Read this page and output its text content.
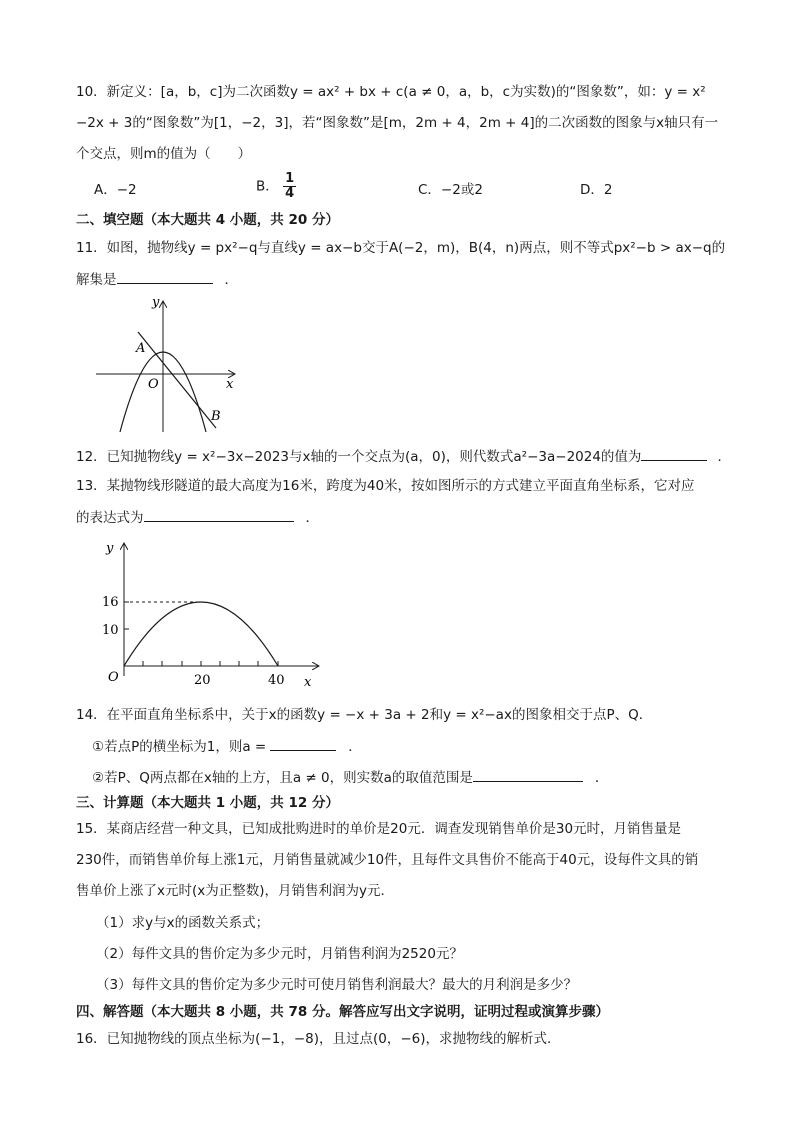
10．新定义：[a，b，c]为二次函数y = ax² + bx + c(a ≠ 0，a，b，c为实数)的“图象数”，如：y = x²
−2x + 3的“图象数”为[1，−2，3]，若“图象数”是[m，2m + 4，2m + 4]的二次函数的图象与x轴只有一
个交点，则m的值为（　　）
A．−2	B． $\frac{1}{4}$	C．−2或2	D．2
二、填空题（本大题共 4 小题，共 20 分）
11．如图，抛物线y = px²−q与直线y = ax−b交于A(−2，m)，B(4，n)两点，则不等式px²−b > ax−q的
解集是	．
y
x
O
A
B
12．已知抛物线y = x²−3x−2023与x轴的一个交点为(a，0)，则代数式a²−3a−2024的值为	．
13．某抛物线形隧道的最大高度为16米，跨度为40米，按如图所示的方式建立平面直角坐标系，它对应
的表达式为	．
y
x
O
16
10
20	40
14．在平面直角坐标系中，关于x的函数y = −x + 3a + 2和y = x²−ax的图象相交于点P、Q．
①若点P的横坐标为1，则a =	．
②若P、Q两点都在x轴的上方，且a ≠ 0，则实数a的取值范围是	．
三、计算题（本大题共 1 小题，共 12 分）
15．某商店经营一种文具，已知成批购进时的单价是20元．调查发现销售单价是30元时，月销售量是
230件，而销售单价每上涨1元，月销售量就减少10件，且每件文具售价不能高于40元，设每件文具的销
售单价上涨了x元时(x为正整数)，月销售利润为y元．
（1）求y与x的函数关系式；
（2）每件文具的售价定为多少元时，月销售利润为2520元？
（3）每件文具的售价定为多少元时可使月销售利润最大？最大的月利润是多少？
四、解答题（本大题共 8 小题，共 78 分。解答应写出文字说明，证明过程或演算步骤）
16．已知抛物线的顶点坐标为(−1，−8)，且过点(0，−6)，求抛物线的解析式．
